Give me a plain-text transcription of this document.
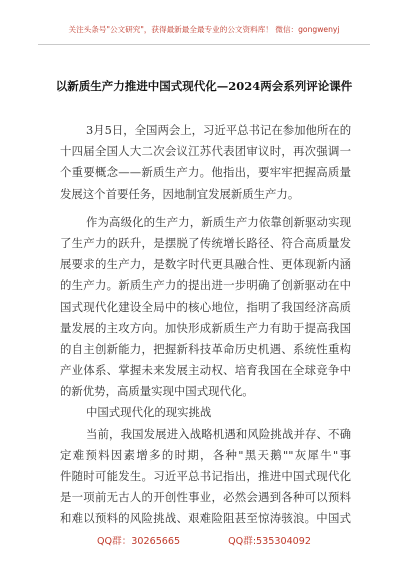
关注头条号"公文研究"，获得最新最全最专业的公文资料库！ 微信：gongwenyj
以新质生产力推进中国式现代化—2024两会系列评论课件
3月5日，全国两会上，习近平总书记在参加他所在的
十四届全国人大二次会议江苏代表团审议时，再次强调一
个重要概念——新质生产力。他指出，要牢牢把握高质量
发展这个首要任务，因地制宜发展新质生产力。
作为高级化的生产力，新质生产力依靠创新驱动实现
了生产力的跃升，是摆脱了传统增长路径、符合高质量发
展要求的生产力，是数字时代更具融合性、更体现新内涵
的生产力。新质生产力的提出进一步明确了创新驱动在中
国式现代化建设全局中的核心地位，指明了我国经济高质
量发展的主攻方向。加快形成新质生产力有助于提高我国
的自主创新能力，把握新科技革命历史机遇、系统性重构
产业体系、掌握未来发展主动权、培育我国在全球竞争中
的新优势，高质量实现中国式现代化。
中国式现代化的现实挑战
当前，我国发展进入战略机遇和风险挑战并存、不确
定难预料因素增多的时期，各种"黑天鹅""灰犀牛"事
件随时可能发生。习近平总书记指出，推进中国式现代化
是一项前无古人的开创性事业，必然会遇到各种可以预料
和难以预料的风险挑战、艰难险阻甚至惊涛骇浪。中国式
QQ群：30265665	QQ群:535304092
